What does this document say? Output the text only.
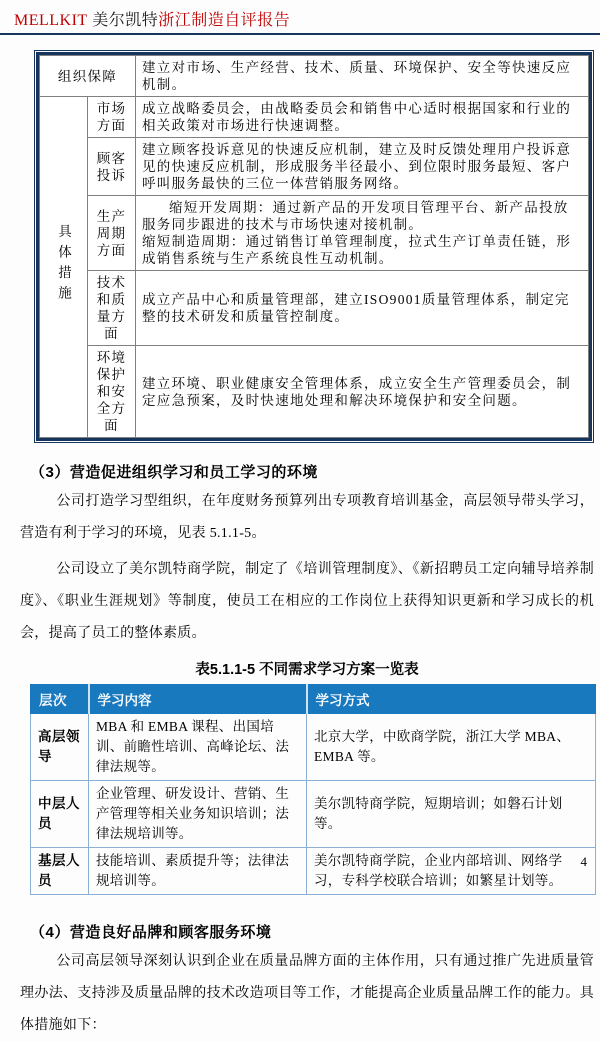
MELLKIT 美尔凯特浙江制造自评报告
组织保障		建立对市场、生产经营、技术、质量、环境保护、安全等快速反应机制。
具体措施	市场方面	成立战略委员会，由战略委员会和销售中心适时根据国家和行业的相关政策对市场进行快速调整。
	顾客投诉	建立顾客投诉意见的快速反应机制，建立及时反馈处理用户投诉意见的快速反应机制，形成服务半径最小、到位限时服务最短、客户呼叫服务最快的三位一体营销服务网络。
	生产周期方面	缩短开发周期：通过新产品的开发项目管理平台、新产品投放服务同步跟进的技术与市场快速对接机制。

缩短制造周期：通过销售订单管理制度，拉式生产订单责任链，形成销售系统与生产系统良性互动机制。

	技术和质量方面	成立产品中心和质量管理部，建立ISO9001质量管理体系，制定完整的技术研发和质量管控制度。
	环境保护和安全方面	建立环境、职业健康安全管理体系，成立安全生产管理委员会，制定应急预案，及时快速地处理和解决环境保护和安全问题。
（3）营造促进组织学习和员工学习的环境

公司打造学习型组织，在年度财务预算列出专项教育培训基金，高层领导带头学习，营造有利于学习的环境，见表 5.1.1-5。

公司设立了美尔凯特商学院，制定了《培训管理制度》、《新招聘员工定向辅导培养制度》、《职业生涯规划》等制度，使员工在相应的工作岗位上获得知识更新和学习成长的机会，提高了员工的整体素质。

表5.1.1-5 不同需求学习方案一览表
层次	学习内容	学习方式
高层领导	MBA 和 EMBA 课程、出国培训、前瞻性培训、高峰论坛、法律法规等。	北京大学，中欧商学院，浙江大学 MBA、EMBA 等。
中层人员	企业管理、研发设计、营销、生产管理等相关业务知识培训；法律法规培训等。	美尔凯特商学院，短期培训；如磐石计划等。
基层人员	技能培训、素质提升等；法律法规培训等。	美尔凯特商学院，企业内部培训、网络学习，专科学校联合培训；如繁星计划等。
（4）营造良好品牌和顾客服务环境

公司高层领导深刻认识到企业在质量品牌方面的主体作用，只有通过推广先进质量管理办法、支持涉及质量品牌的技术改造项目等工作，才能提高企业质量品牌工作的能力。具体措施如下：

4
